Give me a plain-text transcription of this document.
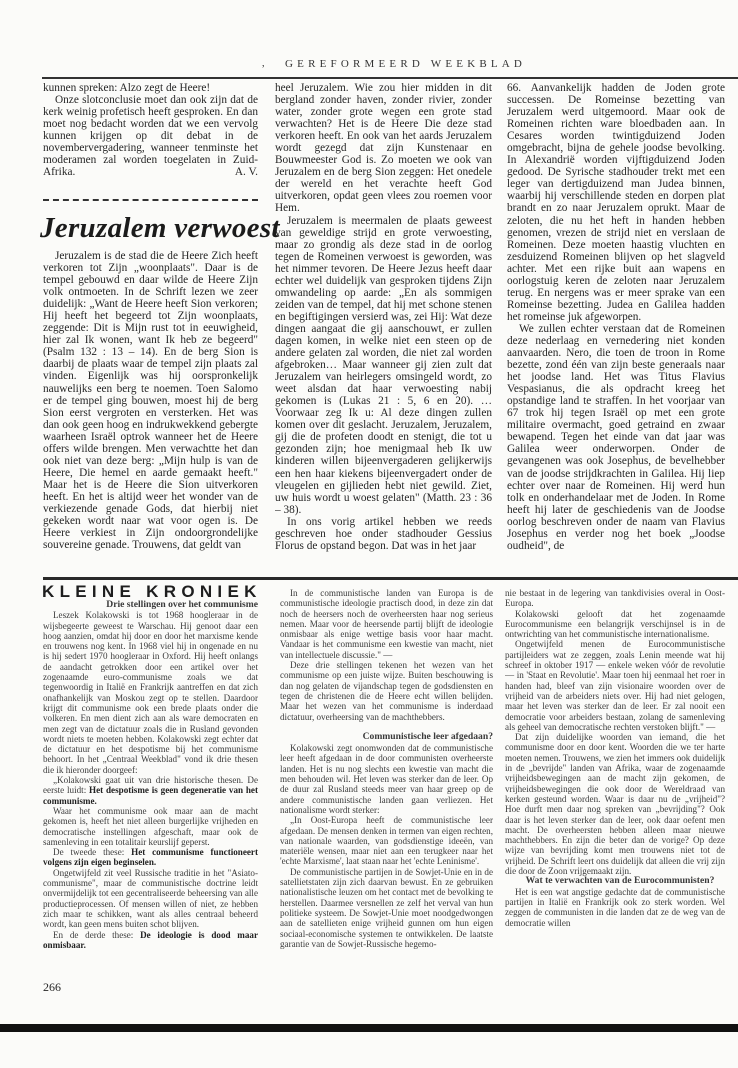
, GEREFORMEERD WEEKBLAD

kunnen spreken: Alzo zegt de Heere!

Onze slotconclusie moet dan ook zijn dat de kerk weinig profetisch heeft gesproken. En dan moet nog bedacht worden dat we een vervolg kunnen krijgen op dit debat in de novembervergadering, wanneer tenminste het moderamen zal worden toegelaten in Zuid-Afrika.	A. V.

Jeruzalem verwoest

Jeruzalem is de stad die de Heere Zich heeft verkoren tot Zijn „woonplaats". Daar is de tempel gebouwd en daar wilde de Heere Zijn volk ontmoeten. In de Schrift lezen we zeer duidelijk: „Want de Heere heeft Sion verkoren; Hij heeft het begeerd tot Zijn woonplaats, zeggende: Dit is Mijn rust tot in eeuwigheid, hier zal Ik wonen, want Ik heb ze begeerd" (Psalm 132 : 13 – 14). En de berg Sion is daarbij de plaats waar de tempel zijn plaats zal vinden. Eigenlijk was hij oorspronkelijk nauwelijks een berg te noemen. Toen Salomo er de tempel ging bouwen, moest hij de berg Sion eerst vergroten en versterken. Het was dan ook geen hoog en indrukwekkend gebergte waarheen Israël optrok wanneer het de Heere offers wilde brengen. Men verwachtte het dan ook niet van deze berg: „Mijn hulp is van de Heere, Die hemel en aarde gemaakt heeft." Maar het is de Heere die Sion uitverkoren heeft. En het is altijd weer het wonder van de verkiezende genade Gods, dat hierbij niet gekeken wordt naar wat voor ogen is. De Heere verkiest in Zijn ondoorgrondelijke souvereine genade. Trouwens, dat geldt van

heel Jeruzalem. Wie zou hier midden in dit bergland zonder haven, zonder rivier, zonder water, zonder grote wegen een grote stad verwachten? Het is de Heere Die deze stad verkoren heeft. En ook van het aards Jeruzalem wordt gezegd dat zijn Kunstenaar en Bouwmeester God is. Zo moeten we ook van Jeruzalem en de berg Sion zeggen: Het onedele der wereld en het verachte heeft God uitverkoren, opdat geen vlees zou roemen voor Hem.

Jeruzalem is meermalen de plaats geweest van geweldige strijd en grote verwoesting, maar zo grondig als deze stad in de oorlog tegen de Romeinen verwoest is geworden, was het nimmer tevoren. De Heere Jezus heeft daar echter wel duidelijk van gesproken tijdens Zijn omwandeling op aarde: „En als sommigen zeiden van de tempel, dat hij met schone stenen en begiftigingen versierd was, zei Hij: Wat deze dingen aangaat die gij aanschouwt, er zullen dagen komen, in welke niet een steen op de andere gelaten zal worden, die niet zal worden afgebroken… Maar wanneer gij zien zult dat Jeruzalem van heirlegers omsingeld wordt, zo weet alsdan dat haar verwoesting nabij gekomen is (Lukas 21 : 5, 6 en 20). …Voorwaar zeg Ik u: Al deze dingen zullen komen over dit geslacht. Jeruzalem, Jeruzalem, gij die de profeten doodt en stenigt, die tot u gezonden zijn; hoe menigmaal heb Ik uw kinderen willen bijeenvergaderen gelijkerwijs een hen haar kiekens bijeenvergadert onder de vleugelen en gijlieden hebt niet gewild. Ziet, uw huis wordt u woest gelaten" (Matth. 23 : 36 – 38).

In ons vorig artikel hebben we reeds geschreven hoe onder stadhouder Gessius Florus de opstand begon. Dat was in het jaar

66. Aanvankelijk hadden de Joden grote successen. De Romeinse bezetting van Jeruzalem werd uitgemoord. Maar ook de Romeinen richten ware bloedbaden aan. In Cesares worden twintigduizend Joden omgebracht, bijna de gehele joodse bevolking. In Alexandrië worden vijftigduizend Joden gedood. De Syrische stadhouder trekt met een leger van dertigduizend man Judea binnen, waarbij hij verschillende steden en dorpen plat brandt en zo naar Jeruzalem oprukt. Maar de zeloten, die nu het heft in handen hebben genomen, vrezen de strijd niet en verslaan de Romeinen. Deze moeten haastig vluchten en zesduizend Romeinen blijven op het slagveld achter. Met een rijke buit aan wapens en oorlogstuig keren de zeloten naar Jeruzalem terug. En nergens was er meer sprake van een Romeinse bezetting. Judea en Galilea hadden het romeinse juk afgeworpen.

We zullen echter verstaan dat de Romeinen deze nederlaag en vernedering niet konden aanvaarden. Nero, die toen de troon in Rome bezette, zond één van zijn beste generaals naar het joodse land. Het was Titus Flavius Vespasianus, die als opdracht kreeg het opstandige land te straffen. In het voorjaar van 67 trok hij tegen Israël op met een grote militaire overmacht, goed getraind en zwaar bewapend. Tegen het einde van dat jaar was Galilea weer onderworpen. Onder de gevangenen was ook Josephus, de bevelhebber van de joodse strijdkrachten in Galilea. Hij liep echter over naar de Romeinen. Hij werd hun tolk en onderhandelaar met de Joden. In Rome heeft hij later de geschiedenis van de Joodse oorlog beschreven onder de naam van Flavius Josephus en verder nog het boek „Joodse oudheid", de

KLEINE KRONIEK

Drie stellingen over het communisme

Leszek Kolakowski is tot 1968 hoogleraar in de wijsbegeerte geweest te Warschau. Hij genoot daar een hoog aanzien, omdat hij door en door het marxisme kende en trouwens nog kent. In 1968 viel hij in ongenade en nu is hij sedert 1970 hoogleraar in Oxford. Hij heeft onlangs de aandacht getrokken door een artikel over het zogenaamde euro-communisme zoals we dat tegenwoordig in Italië en Frankrijk aantreffen en dat zich onafhankelijk van Moskou zegt op te stellen. Daardoor krijgt dit communisme ook een brede plaats onder die volkeren. En men dient zich aan als ware democraten en men zegt van de dictatuur zoals die in Rusland gevonden wordt niets te moeten hebben. Kolakowski zegt echter dat de dictatuur en het despotisme bij het communisme behoort. In het „Centraal Weekblad" vond ik drie thesen die ik hieronder doorgeef:

„Kolakowski gaat uit van drie historische thesen. De eerste luidt: Het despotisme is geen degeneratie van het communisme.

Waar het communisme ook maar aan de macht gekomen is, heeft het niet alleen burgerlijke vrijheden en democratische instellingen afgeschaft, maar ook de samenleving in een totalitair keurslijf geperst.

De tweede these: Het communisme functioneert volgens zijn eigen beginselen.

Ongetwijfeld zit veel Russische traditie in het "Asiato-communisme", maar de communistische doctrine leidt onvermijdelijk tot een gecentraliseerde beheersing van alle productieprocessen. Of mensen willen of niet, ze hebben zich maar te schikken, want als alles centraal beheerd wordt, kan geen mens buiten schot blijven.

En de derde these: De ideologie is dood maar onmisbaar.

In de communistische landen van Europa is de communistische ideologie practisch dood, in deze zin dat noch de heersers noch de overheersten haar nog serieus nemen. Maar voor de heersende partij blijft de ideologie onmisbaar als enige wettige basis voor haar macht. Vandaar is het communisme een kwestie van macht, niet van intellectuele discussie." —

Deze drie stellingen tekenen het wezen van het communisme op een juiste wijze. Buiten beschouwing is dan nog gelaten de vijandschap tegen de godsdiensten en tegen de christenen die de Heere echt willen belijden. Maar het wezen van het communisme is inderdaad dictatuur, overheersing van de machthebbers.

Communistische leer afgedaan?

Kolakowski zegt onomwonden dat de communistische leer heeft afgedaan in de door communisten overheerste landen. Het is nu nog slechts een kwestie van macht die men behouden wil. Het leven was sterker dan de leer. Op de duur zal Rusland steeds meer van haar greep op de andere communistische landen gaan verliezen. Het nationalisme wordt sterker:

„In Oost-Europa heeft de communistische leer afgedaan. De mensen denken in termen van eigen rechten, van nationale waarden, van godsdienstige ideeën, van materiële wensen, maar niet aan een terugkeer naar het 'echte Marxisme', laat staan naar het 'echte Leninisme'.

De communistische partijen in de Sowjet-Unie en in de satellietstaten zijn zich daarvan bewust. En ze gebruiken nationalistische leuzen om het contact met de bevolking te herstellen. Daarmee versnellen ze zelf het verval van hun politieke systeem. De Sowjet-Unie moet noodgedwongen aan de satellieten enige vrijheid gunnen om hun eigen sociaal-economische systemen te ontwikkelen. De laatste garantie van de Sowjet-Russische hegemo-

nie bestaat in de legering van tankdivisies overal in Oost-Europa.

Kolakowski gelooft dat het zogenaamde Eurocommunisme een belangrijk verschijnsel is in de ontwrichting van het communistische internationalisme.

Ongetwijfeld menen de Eurocommunistische partijleiders wat ze zeggen, zoals Lenin meende wat hij schreef in oktober 1917 — enkele weken vóór de revolutie — in 'Staat en Revolutie'. Maar toen hij eenmaal het roer in handen had, bleef van zijn visionaire woorden over de vrijheid van de arbeiders niets over. Hij had niet gelogen, maar het leven was sterker dan de leer. Er zal nooit een democratie voor arbeiders bestaan, zolang de samenleving als geheel van democratische rechten verstoken blijft." —

Dat zijn duidelijke woorden van iemand, die het communisme door en door kent. Woorden die we ter harte moeten nemen. Trouwens, we zien het immers ook duidelijk in de „bevrijde" landen van Afrika, waar de zogenaamde vrijheidsbewegingen aan de macht zijn gekomen, de vrijheidsbewegingen die ook door de Wereldraad van kerken gesteund worden. Waar is daar nu de „vrijheid"? Hoe durft men daar nog spreken van „bevrijding"? Ook daar is het leven sterker dan de leer, ook daar oefent men macht. De overheersten hebben alleen maar nieuwe machthebbers. En zijn die beter dan de vorige? Op deze wijze van bevrijding komt men trouwens niet tot de vrijheid. De Schrift leert ons duidelijk dat alleen die vrij zijn die door de Zoon vrijgemaakt zijn.

Wat te verwachten van de Eurocommunisten?

Het is een wat angstige gedachte dat de communistische partijen in Italië en Frankrijk ook zo sterk worden. Wel zeggen de communisten in die landen dat ze de weg van de democratie willen

266
